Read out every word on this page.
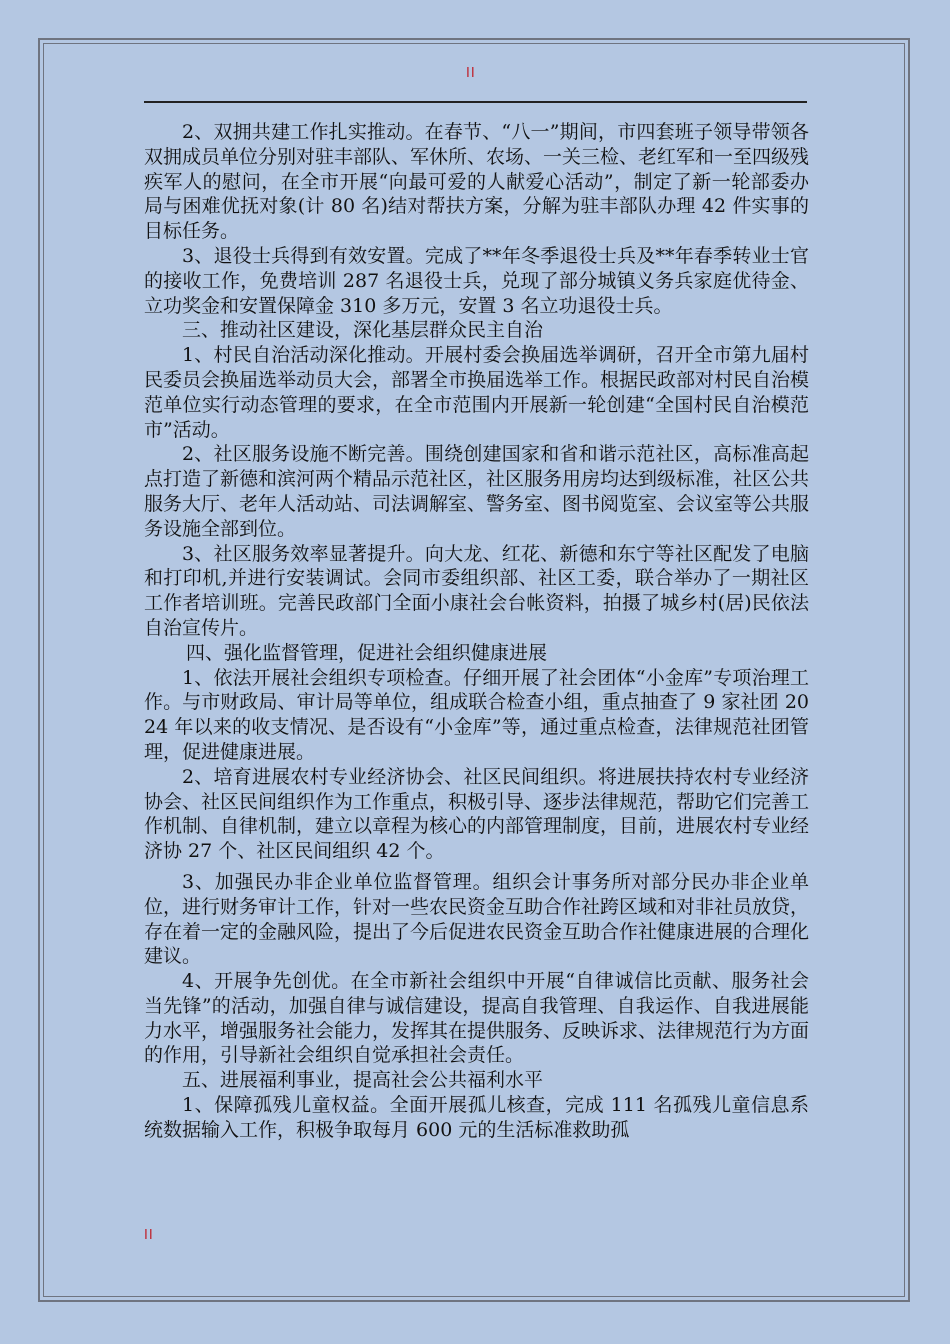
II

2、双拥共建工作扎实推动。在春节、“八一”期间，市四套班子领导带领各双拥成员单位分别对驻丰部队、军休所、农场、一关三检、老红军和一至四级残疾军人的慰问，在全市开展“向最可爱的人献爱心活动”，制定了新一轮部委办局与困难优抚对象(计 80 名)结对帮扶方案，分解为驻丰部队办理 42 件实事的目标任务。

3、退役士兵得到有效安置。完成了**年冬季退役士兵及**年春季转业士官的接收工作，免费培训 287 名退役士兵，兑现了部分城镇义务兵家庭优待金、立功奖金和安置保障金 310 多万元，安置 3 名立功退役士兵。

三、推动社区建设，深化基层群众民主自治

1、村民自治活动深化推动。开展村委会换届选举调研，召开全市第九届村民委员会换届选举动员大会，部署全市换届选举工作。根据民政部对村民自治模范单位实行动态管理的要求，在全市范围内开展新一轮创建“全国村民自治模范市”活动。

2、社区服务设施不断完善。围绕创建国家和省和谐示范社区，高标准高起点打造了新德和滨河两个精品示范社区，社区服务用房均达到级标准，社区公共服务大厅、老年人活动站、司法调解室、警务室、图书阅览室、会议室等公共服务设施全部到位。

3、社区服务效率显著提升。向大龙、红花、新德和东宁等社区配发了电脑和打印机,并进行安装调试。会同市委组织部、社区工委，联合举办了一期社区工作者培训班。完善民政部门全面小康社会台帐资料，拍摄了城乡村(居)民依法自治宣传片。

四、强化监督管理，促进社会组织健康进展

1、依法开展社会组织专项检查。仔细开展了社会团体“小金库”专项治理工作。与市财政局、审计局等单位，组成联合检查小组，重点抽查了 9 家社团 2024 年以来的收支情况、是否设有“小金库”等，通过重点检查，法律规范社团管理，促进健康进展。

2、培育进展农村专业经济协会、社区民间组织。将进展扶持农村专业经济协会、社区民间组织作为工作重点，积极引导、逐步法律规范，帮助它们完善工作机制、自律机制，建立以章程为核心的内部管理制度，目前，进展农村专业经济协 27 个、社区民间组织 42 个。

3、加强民办非企业单位监督管理。组织会计事务所对部分民办非企业单位，进行财务审计工作，针对一些农民资金互助合作社跨区域和对非社员放贷，存在着一定的金融风险，提出了今后促进农民资金互助合作社健康进展的合理化建议。

4、开展争先创优。在全市新社会组织中开展“自律诚信比贡献、服务社会当先锋”的活动，加强自律与诚信建设，提高自我管理、自我运作、自我进展能力水平，增强服务社会能力，发挥其在提供服务、反映诉求、法律规范行为方面的作用，引导新社会组织自觉承担社会责任。

五、进展福利事业，提高社会公共福利水平

1、保障孤残儿童权益。全面开展孤儿核查，完成 111 名孤残儿童信息系统数据输入工作，积极争取每月 600 元的生活标准救助孤

II
